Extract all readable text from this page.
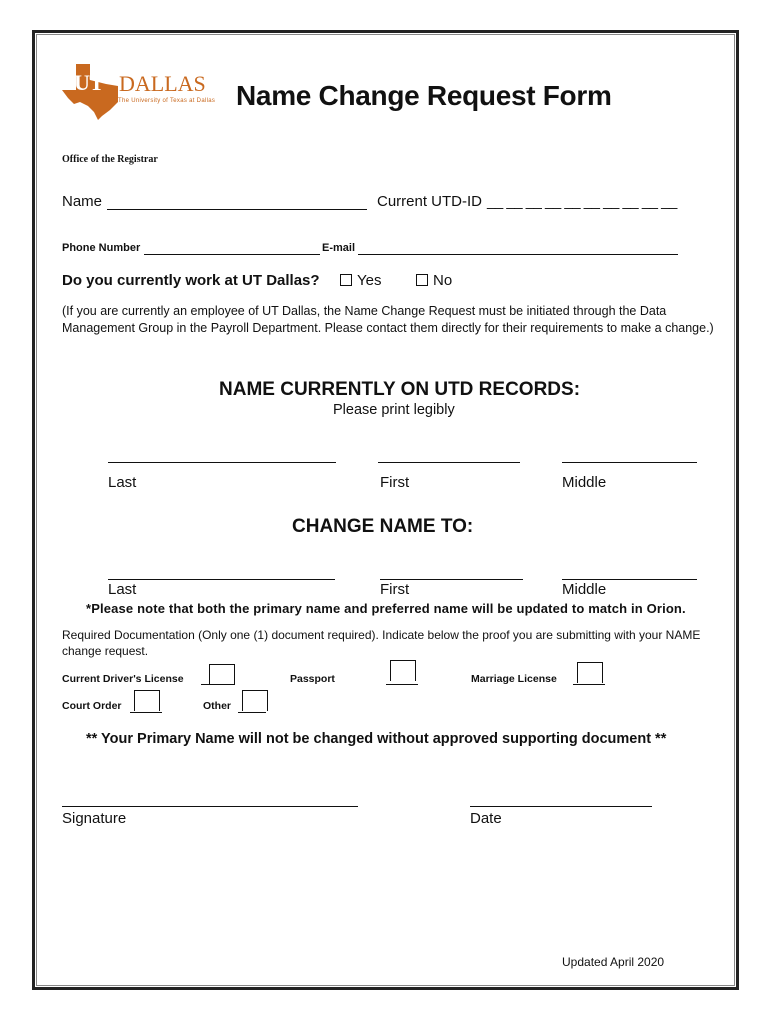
UT DALLAS
The University of Texas at Dallas Name Change Request Form
Office of the Registrar
Name	Current UTD-ID __ __ __ __ __ __ __ __ __ __
Phone Number	E-mail
Do you currently work at UT Dallas?	Yes	No
(If you are currently an employee of UT Dallas, the Name Change Request must be initiated through the Data Management Group in the Payroll Department. Please contact them directly for their requirements to make a change.)
NAME CURRENTLY ON UTD RECORDS:
Please print legibly
Last	First	Middle
CHANGE NAME TO:
Last	First	Middle
*Please note that both the primary name and preferred name will be updated to match in Orion.
Required Documentation (Only one (1) document required). Indicate below the proof you are submitting with your NAME change request.
Current Driver's License	Passport	Marriage License
Court Order	Other
** Your Primary Name will not be changed without approved supporting document **
Signature	Date
Updated April 2020
